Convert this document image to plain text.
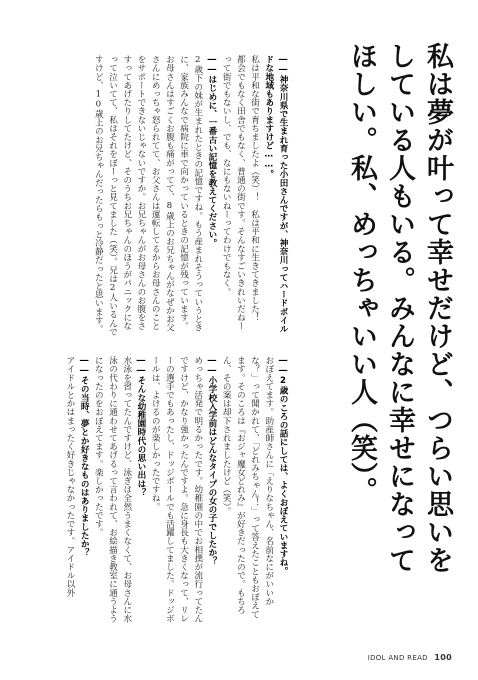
私は夢が叶って幸せだけど、つらい思いをしている人もいる。みんなに幸せになってほしい。私、めっちゃいい人（笑）。

――神奈川県で生まれ育った小田さんですが、神奈川ってハードボイルドな地域もありますけど……。

私は平和な街で育ちましたよ（笑）！　私は平和に生きてきました！　都会でもなく田舎でもなく、普通の街です。そんなすごいきれいだねーって街でもないし、でも、なにもないねーってわけでもなく。

――はじめに、一番古い記憶を教えてください。

2歳下の妹が生まれたときの記憶ですね。もう産まれそうっていうときに、家族みんなで病院に車で向かっているときの記憶が残っています。お母さんはすごくお腹も痛がってて、8歳上のお兄ちゃんがなぜかお父さんにめっちゃ怒られてて、お父さんは運転してるからお母さんのことをサポートできないじゃないですか。お兄ちゃんがお母さんのお腹をさすってあげたりしてたけど、そのうちお兄ちゃんのほうがパニックになって泣いてて、私はそれをぼーっと見てました（笑）。兄は2人いるんですけど、10歳上のお兄ちゃんだったらもっと冷静だったと思います。

――2歳のころの話にしては、よくおぼえていますね。

おぼえてます。助産師さんに「えりなちゃん、名前なにがいいかな？」って聞かれて、「どれみちゃん！」って答えたこともおぼえてます。そのころは『おジャ魔女どれみ』が好きだったので。もちろん、その案は却下されましたけど（笑）。

――小学校入学前はどんなタイプの女の子でしたか？

めっちゃ活発で明るかったです。幼稚園の中でお相撲が流行ってたんですけど、かなり強かったんですよ。急に身長も大きくなって、リレーの選手でもあったし、ドッジボールでも活躍してました。ドッジボールは、よけるのが楽しかったですね。

――そんな幼稚園時代の思い出は？

水泳を習ってたんですけど、泳ぎは全然うまくなくて、お母さんに水泳の代わりに通わせてあげるって言われて、お絵描き教室に通うようになったのをおぼえてます。楽しかったです。

――その当時、夢とか好きなものはありましたか？

アイドルとかはまったく好きじゃなかったです。アイドル以外

IDOL AND READ 100
